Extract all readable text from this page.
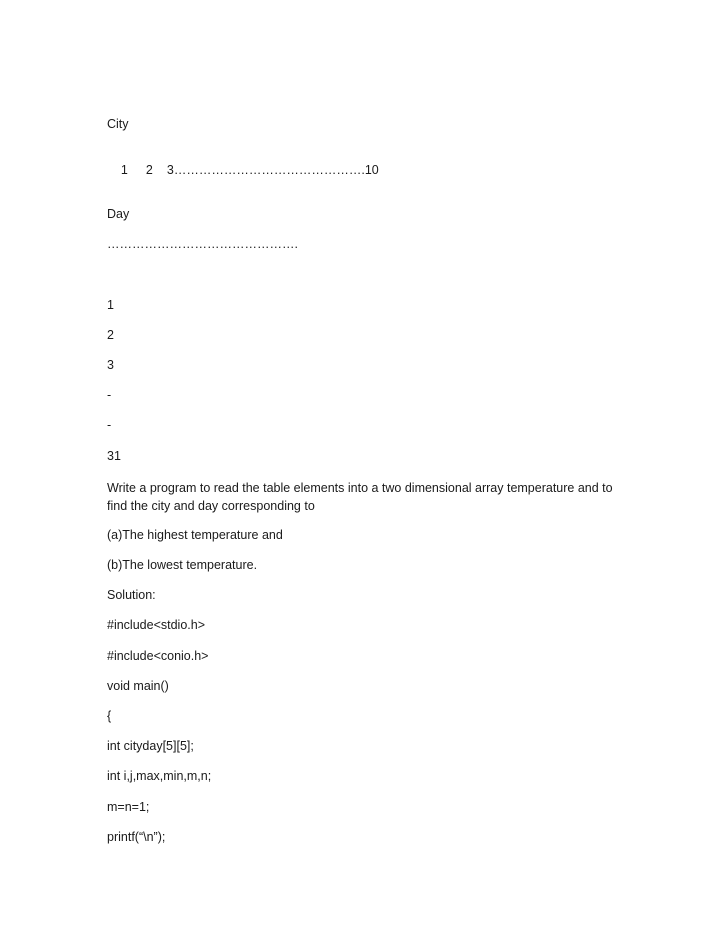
City

1 2 3……………………………………….10

Day
……………………………………….
1
2
3
-
-
31
Write a program to read the table elements into a two dimensional array temperature and to find the city and day corresponding to
(a)The highest temperature and
(b)The lowest temperature.
Solution:
#include<stdio.h>
#include<conio.h>
void main()
{
int cityday[5][5];
int i,j,max,min,m,n;
m=n=1;
printf(“\n”);
